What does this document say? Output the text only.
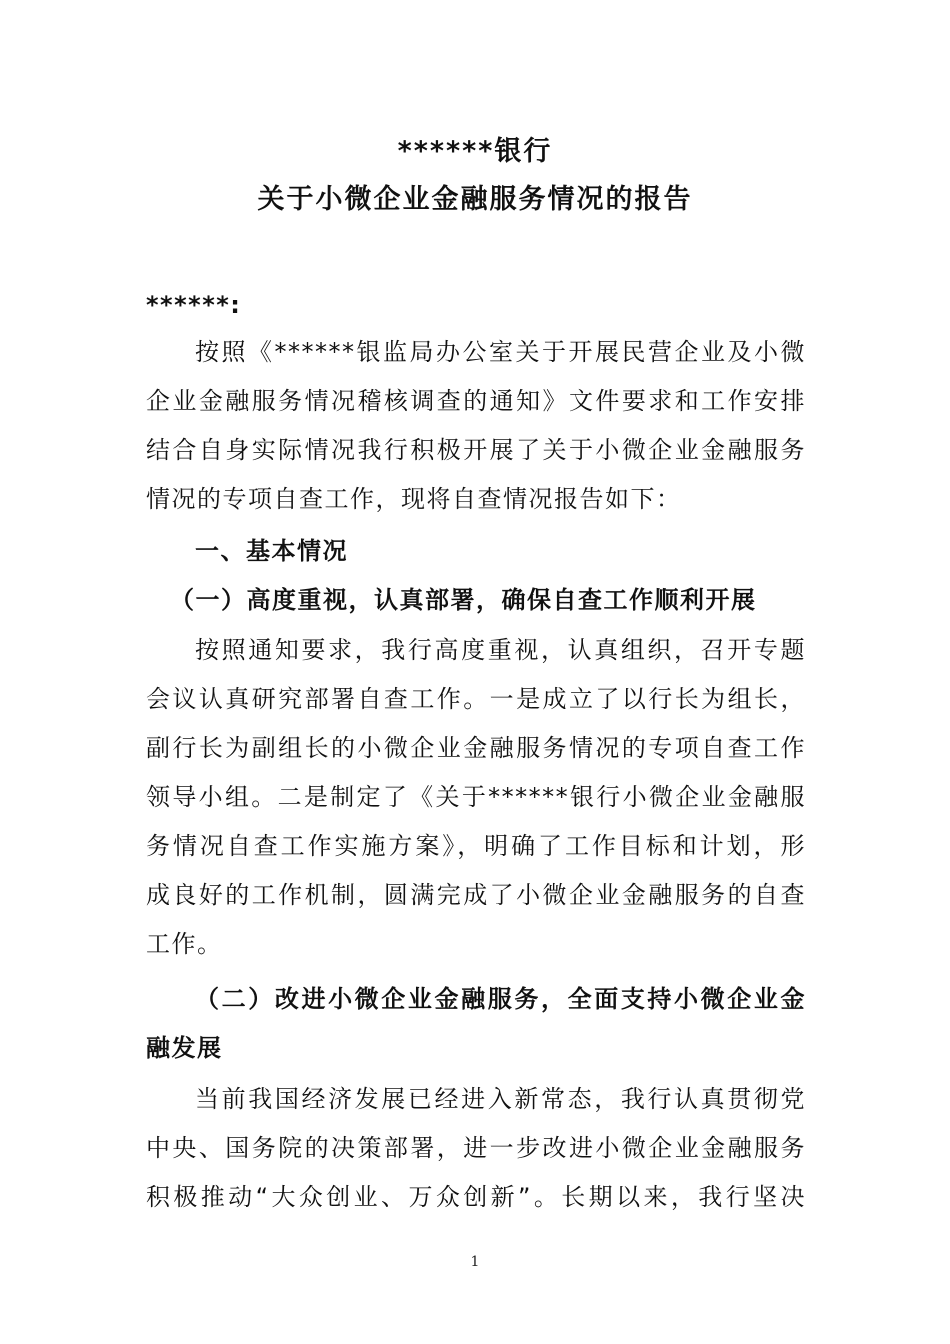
******银行
关于小微企业金融服务情况的报告
******:
按照《******银监局办公室关于开展民营企业及小微
企业金融服务情况稽核调查的通知》文件要求和工作安排
结合自身实际情况我行积极开展了关于小微企业金融服务
情况的专项自查工作，现将自查情况报告如下：
一、基本情况
（一）高度重视，认真部署，确保自查工作顺利开展
按照通知要求，我行高度重视，认真组织，召开专题
会议认真研究部署自查工作。一是成立了以行长为组长，
副行长为副组长的小微企业金融服务情况的专项自查工作
领导小组。二是制定了《关于******银行小微企业金融服
务情况自查工作实施方案》，明确了工作目标和计划，形
成良好的工作机制，圆满完成了小微企业金融服务的自查
工作。
（二）改进小微企业金融服务，全面支持小微企业金
融发展
当前我国经济发展已经进入新常态，我行认真贯彻党
中央、国务院的决策部署，进一步改进小微企业金融服务
积极推动“大众创业、万众创新”。长期以来，我行坚决
1
